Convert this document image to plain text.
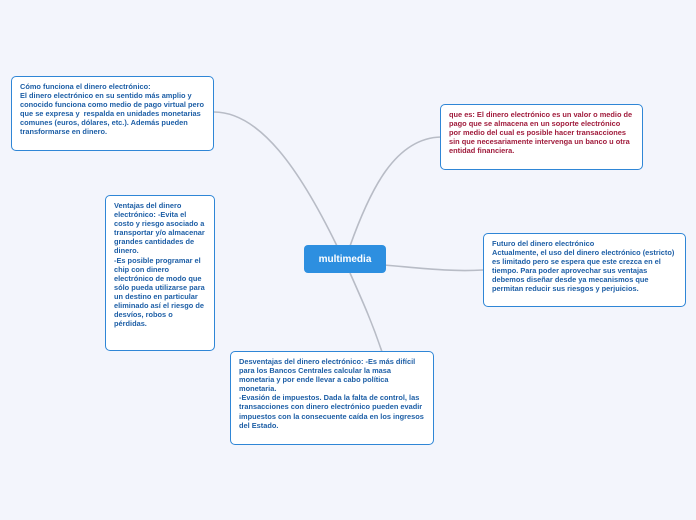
Cómo funciona el dinero electrónico:
El dinero electrónico en su sentido más amplio y conocido funciona como medio de pago virtual pero que se expresa y  respalda en unidades monetarias comunes (euros, dólares, etc.). Además pueden transformarse en dinero.
que es: El dinero electrónico es un valor o medio de pago que se almacena en un soporte electrónico por medio del cual es posible hacer transacciones sin que necesariamente intervenga un banco u otra entidad financiera.
Ventajas del dinero electrónico: -Evita el costo y riesgo asociado a transportar y/o almacenar grandes cantidades de dinero.
-Es posible programar el chip con dinero electrónico de modo que sólo pueda utilizarse para un destino en particular eliminado así el riesgo de desvíos, robos o pérdidas.
multimedia
Futuro del dinero electrónico
Actualmente, el uso del dinero electrónico (estricto) es limitado pero se espera que este crezca en el tiempo. Para poder aprovechar sus ventajas debemos diseñar desde ya mecanismos que permitan reducir sus riesgos y perjuicios.
Desventajas del dinero electrónico: -Es más difícil para los Bancos Centrales calcular la masa monetaria y por ende llevar a cabo política monetaria.
-Evasión de impuestos. Dada la falta de control, las transacciones con dinero electrónico pueden evadir impuestos con la consecuente caída en los ingresos del Estado.
